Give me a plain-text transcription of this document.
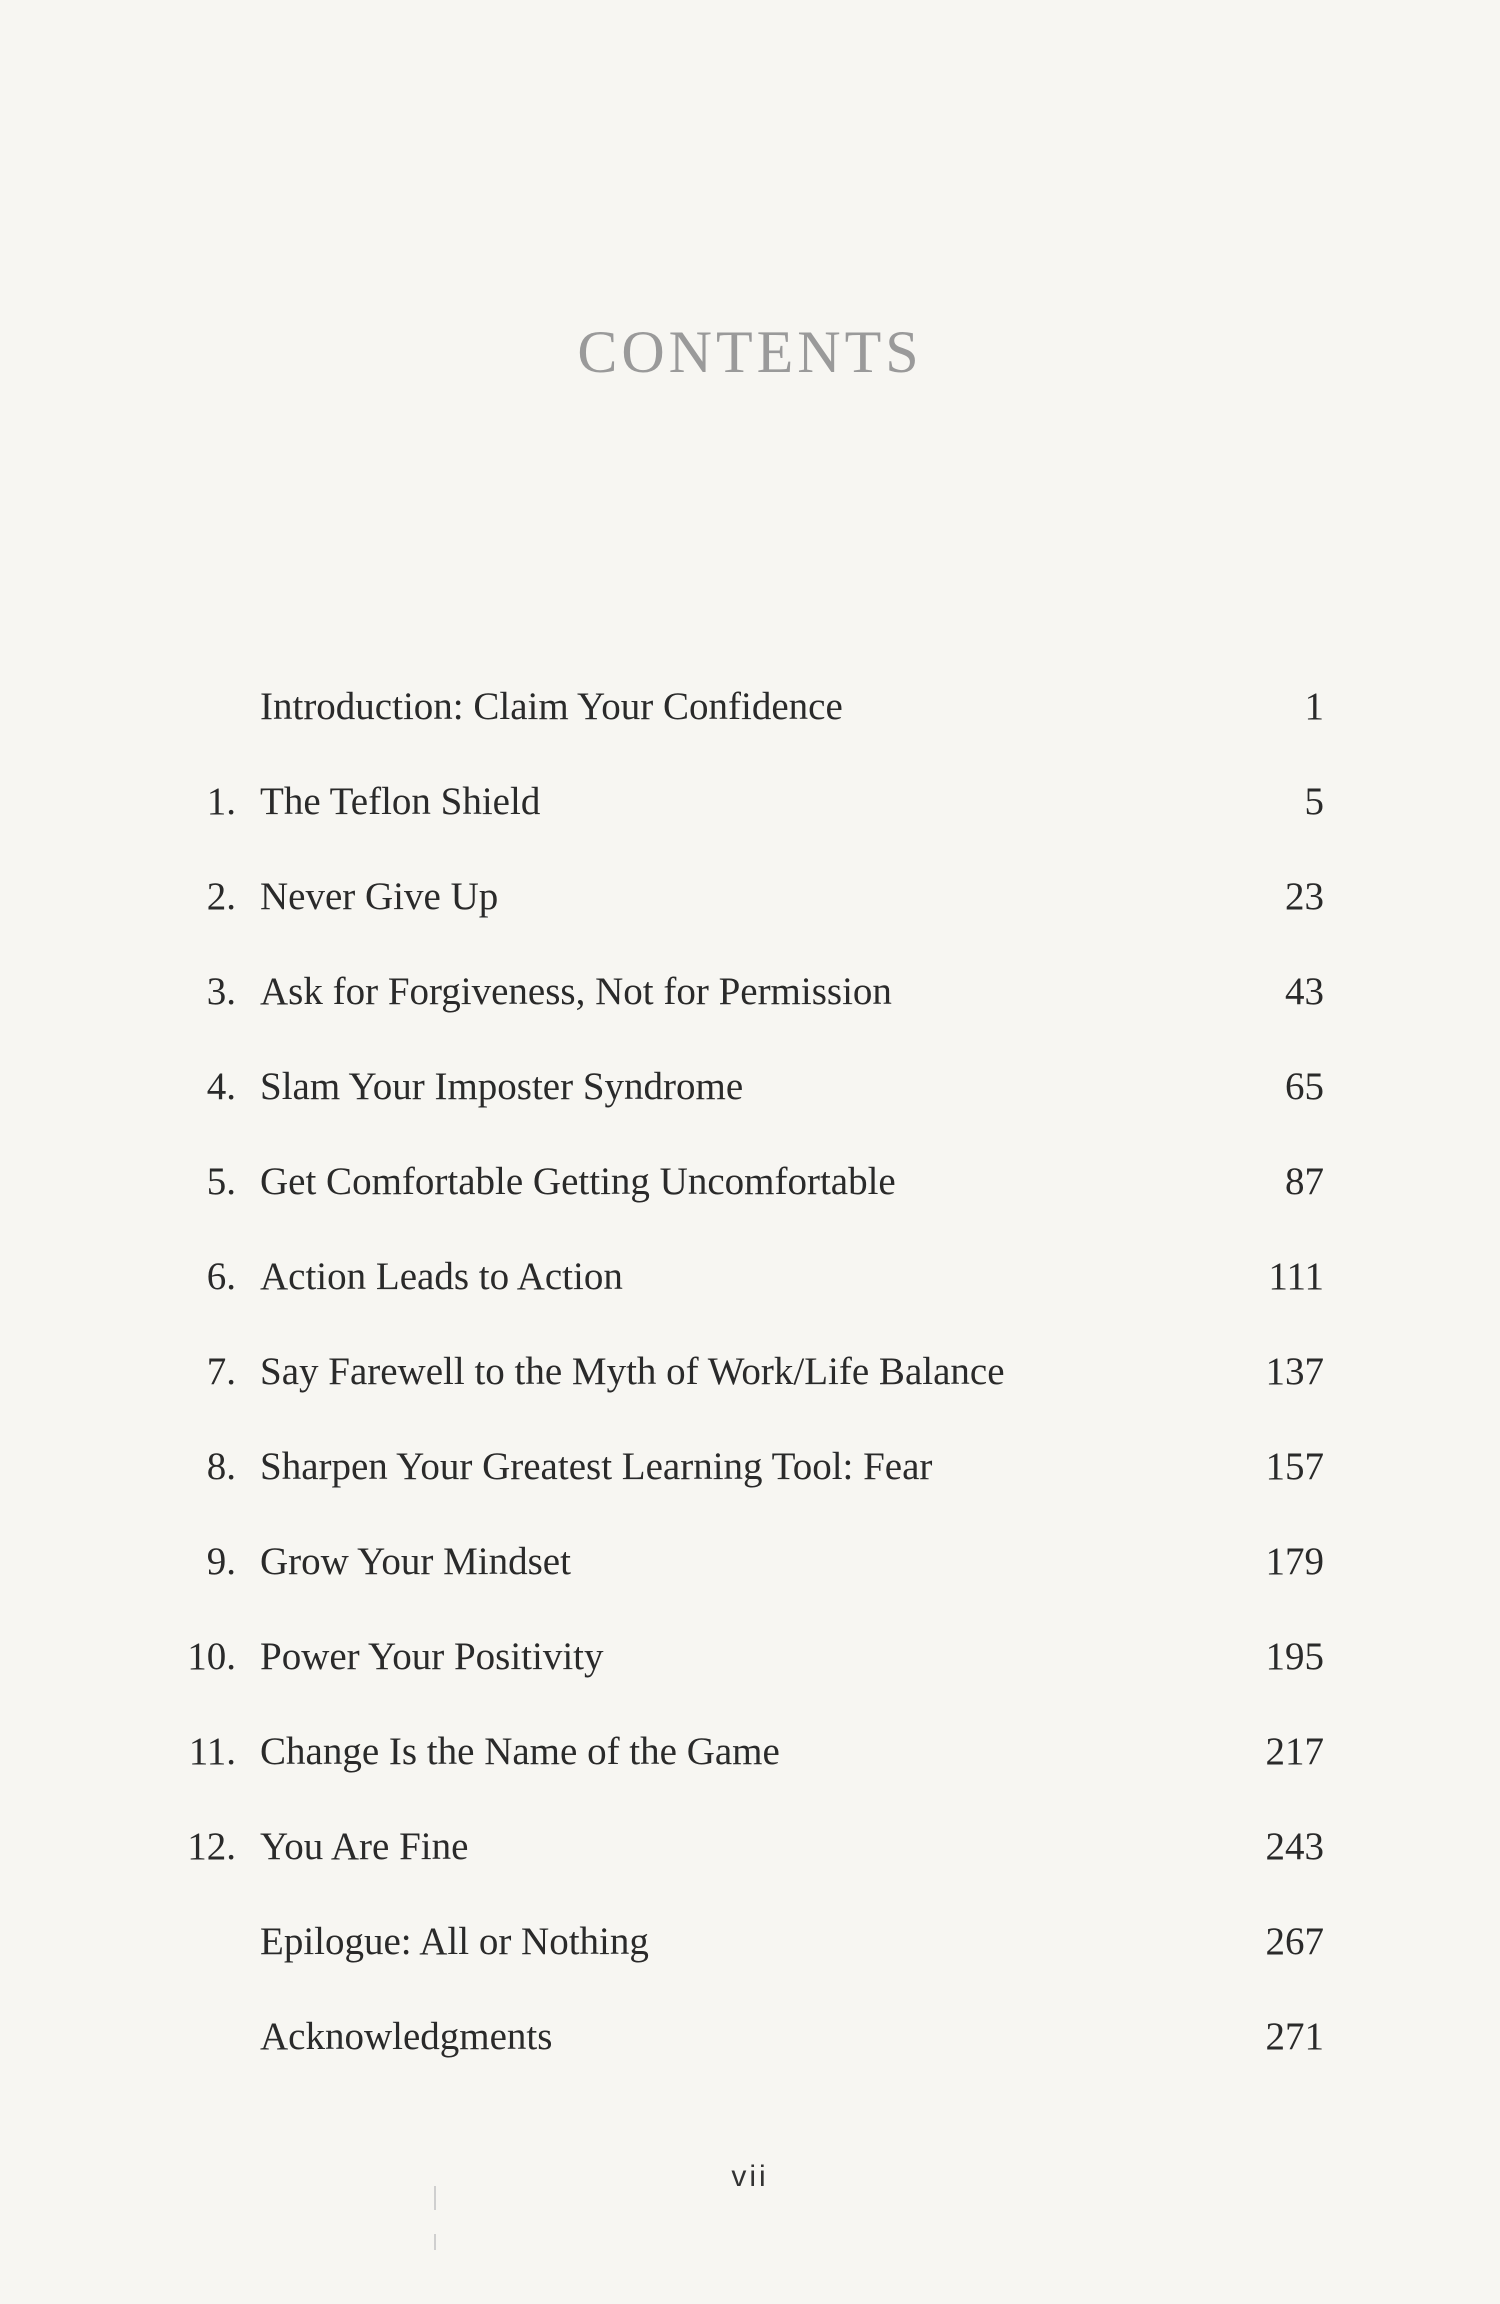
CONTENTS
Introduction: Claim Your Confidence	1
1. The Teflon Shield	5
2. Never Give Up	23
3. Ask for Forgiveness, Not for Permission	43
4. Slam Your Imposter Syndrome	65
5. Get Comfortable Getting Uncomfortable	87
6. Action Leads to Action	111
7. Say Farewell to the Myth of Work/Life Balance	137
8. Sharpen Your Greatest Learning Tool: Fear	157
9. Grow Your Mindset	179
10. Power Your Positivity	195
11. Change Is the Name of the Game	217
12. You Are Fine	243
Epilogue: All or Nothing	267
Acknowledgments	271
vii
